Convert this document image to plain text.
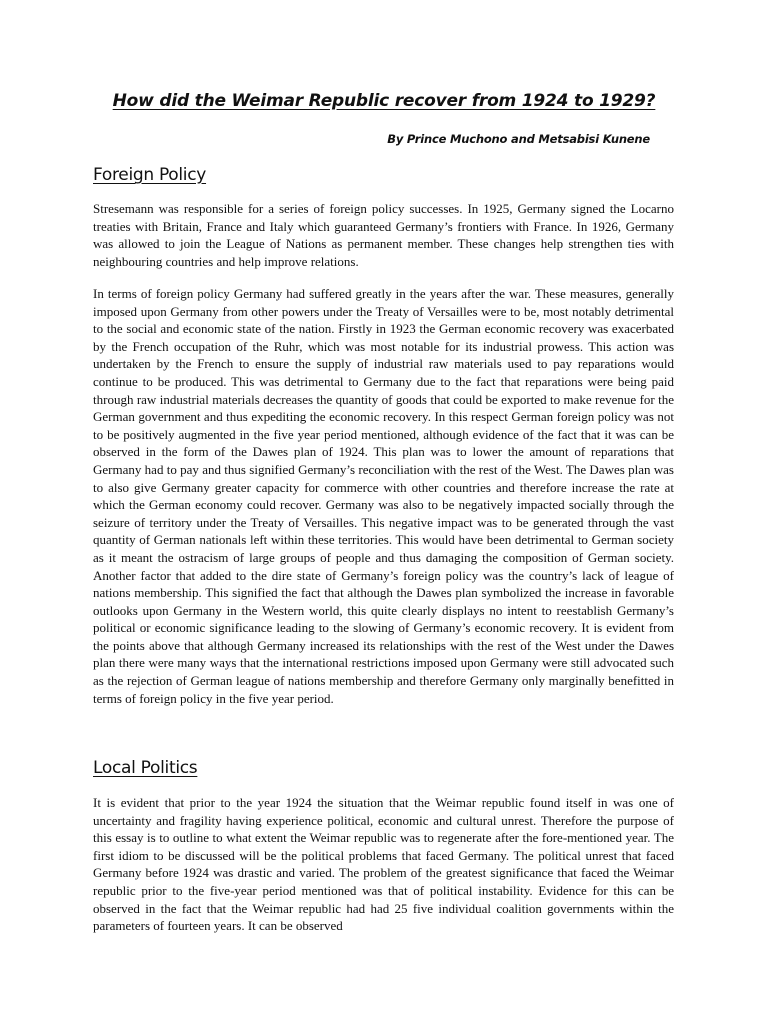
How did the Weimar Republic recover from 1924 to 1929?

By Prince Muchono and Metsabisi Kunene

Foreign Policy

Stresemann was responsible for a series of foreign policy successes. In 1925, Germany signed the Locarno treaties with Britain, France and Italy which guaranteed Germany’s frontiers with France. In 1926, Germany was allowed to join the League of Nations as permanent member. These changes help strengthen ties with neighbouring countries and help improve relations.

In terms of foreign policy Germany had suffered greatly in the years after the war. These measures, generally imposed upon Germany from other powers under the Treaty of Versailles were to be, most notably detrimental to the social and economic state of the nation. Firstly in 1923 the German economic recovery was exacerbated by the French occupation of the Ruhr, which was most notable for its industrial prowess. This action was undertaken by the French to ensure the supply of industrial raw materials used to pay reparations would continue to be produced. This was detrimental to Germany due to the fact that reparations were being paid through raw industrial materials decreases the quantity of goods that could be exported to make revenue for the German government and thus expediting the economic recovery. In this respect German foreign policy was not to be positively augmented in the five year period mentioned, although evidence of the fact that it was can be observed in the form of the Dawes plan of 1924. This plan was to lower the amount of reparations that Germany had to pay and thus signified Germany’s reconciliation with the rest of the West. The Dawes plan was to also give Germany greater capacity for commerce with other countries and therefore increase the rate at which the German economy could recover. Germany was also to be negatively impacted socially through the seizure of territory under the Treaty of Versailles. This negative impact was to be generated through the vast quantity of German nationals left within these territories. This would have been detrimental to German society as it meant the ostracism of large groups of people and thus damaging the composition of German society. Another factor that added to the dire state of Germany’s foreign policy was the country’s lack of league of nations membership. This signified the fact that although the Dawes plan symbolized the increase in favorable outlooks upon Germany in the Western world, this quite clearly displays no intent to reestablish Germany’s political or economic significance leading to the slowing of Germany’s economic recovery. It is evident from the points above that although Germany increased its relationships with the rest of the West under the Dawes plan there were many ways that the international restrictions imposed upon Germany were still advocated such as the rejection of German league of nations membership and therefore Germany only marginally benefitted in terms of foreign policy in the five year period.

Local Politics

It is evident that prior to the year 1924 the situation that the Weimar republic found itself in was one of uncertainty and fragility having experience political, economic and cultural unrest. Therefore the purpose of this essay is to outline to what extent the Weimar republic was to regenerate after the fore-mentioned year. The first idiom to be discussed will be the political problems that faced Germany. The political unrest that faced Germany before 1924 was drastic and varied. The problem of the greatest significance that faced the Weimar republic prior to the five-year period mentioned was that of political instability. Evidence for this can be observed in the fact that the Weimar republic had had 25 five individual coalition governments within the parameters of fourteen years. It can be observed
